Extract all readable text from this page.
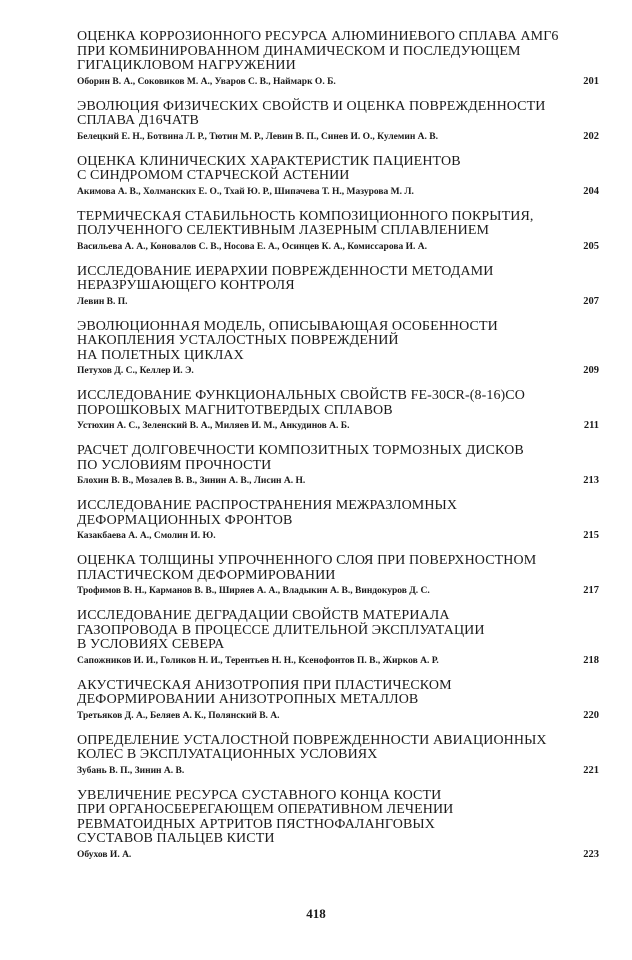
ОЦЕНКА КОРРОЗИОННОГО РЕСУРСА АЛЮМИНИЕВОГО СПЛАВА АМГ6
ПРИ КОМБИНИРОВАННОМ ДИНАМИЧЕСКОМ И ПОСЛЕДУЮЩЕМ
ГИГАЦИКЛОВОМ НАГРУЖЕНИИ
Оборин В. А., Соковиков М. А., Уваров С. В., Наймарк О. Б.	201
ЭВОЛЮЦИЯ ФИЗИЧЕСКИХ СВОЙСТВ И ОЦЕНКА ПОВРЕЖДЕННОСТИ
СПЛАВА Д16ЧАТВ
Белецкий Е. Н., Ботвина Л. Р., Тютин М. Р., Левин В. П., Синев И. О., Кулемин А. В.	202
ОЦЕНКА КЛИНИЧЕСКИХ ХАРАКТЕРИСТИК ПАЦИЕНТОВ
С СИНДРОМОМ СТАРЧЕСКОЙ АСТЕНИИ
Акимова А. В., Холманских Е. О., Тхай Ю. Р., Шипачева Т. Н., Мазурова М. Л.	204
ТЕРМИЧЕСКАЯ СТАБИЛЬНОСТЬ КОМПОЗИЦИОННОГО ПОКРЫТИЯ,
ПОЛУЧЕННОГО СЕЛЕКТИВНЫМ ЛАЗЕРНЫМ СПЛАВЛЕНИЕМ
Васильева А. А., Коновалов С. В., Носова Е. А., Осинцев К. А., Комиссарова И. А.	205
ИССЛЕДОВАНИЕ ИЕРАРХИИ ПОВРЕЖДЕННОСТИ МЕТОДАМИ
НЕРАЗРУШАЮЩЕГО КОНТРОЛЯ
Левин В. П.	207
ЭВОЛЮЦИОННАЯ МОДЕЛЬ, ОПИСЫВАЮЩАЯ ОСОБЕННОСТИ
НАКОПЛЕНИЯ УСТАЛОСТНЫХ ПОВРЕЖДЕНИЙ
НА ПОЛЕТНЫХ ЦИКЛАХ
Петухов Д. С., Келлер И. Э.	209
ИССЛЕДОВАНИЕ ФУНКЦИОНАЛЬНЫХ СВОЙСТВ FE-30CR-(8-16)CO
ПОРОШКОВЫХ МАГНИТОТВЕРДЫХ СПЛАВОВ
Устюхин А. С., Зеленский В. А., Миляев И. М., Анкудинов А. Б.	211
РАСЧЕТ ДОЛГОВЕЧНОСТИ КОМПОЗИТНЫХ ТОРМОЗНЫХ ДИСКОВ
ПО УСЛОВИЯМ ПРОЧНОСТИ
Блохин В. В., Мозалев В. В., Зинин А. В., Лисин А. Н.	213
ИССЛЕДОВАНИЕ РАСПРОСТРАНЕНИЯ МЕЖРАЗЛОМНЫХ
ДЕФОРМАЦИОННЫХ ФРОНТОВ
Казакбаева А. А., Смолин И. Ю.	215
ОЦЕНКА ТОЛЩИНЫ УПРОЧНЕННОГО СЛОЯ ПРИ ПОВЕРХНОСТНОМ
ПЛАСТИЧЕСКОМ ДЕФОРМИРОВАНИИ
Трофимов В. Н., Карманов В. В., Ширяев А. А., Владыкин А. В., Виндокуров Д. С.	217
ИССЛЕДОВАНИЕ ДЕГРАДАЦИИ СВОЙСТВ МАТЕРИАЛА
ГАЗОПРОВОДА В ПРОЦЕССЕ ДЛИТЕЛЬНОЙ ЭКСПЛУАТАЦИИ
В УСЛОВИЯХ СЕВЕРА
Сапожников И. И., Голиков Н. И., Терентьев Н. Н., Ксенофонтов П. В., Жирков А. Р.	218
АКУСТИЧЕСКАЯ АНИЗОТРОПИЯ ПРИ ПЛАСТИЧЕСКОМ
ДЕФОРМИРОВАНИИ АНИЗОТРОПНЫХ МЕТАЛЛОВ
Третьяков Д. А., Беляев А. К., Полянский В. А.	220
ОПРЕДЕЛЕНИЕ УСТАЛОСТНОЙ ПОВРЕЖДЕННОСТИ АВИАЦИОННЫХ
КОЛЕС В ЭКСПЛУАТАЦИОННЫХ УСЛОВИЯХ
Зубань В. П., Зинин А. В.	221
УВЕЛИЧЕНИЕ РЕСУРСА СУСТАВНОГО КОНЦА КОСТИ
ПРИ ОРГАНОСБЕРЕГАЮЩЕМ ОПЕРАТИВНОМ ЛЕЧЕНИИ
РЕВМАТОИДНЫХ АРТРИТОВ ПЯСТНОФАЛАНГОВЫХ
СУСТАВОВ ПАЛЬЦЕВ КИСТИ
Обухов И. А.	223
418
